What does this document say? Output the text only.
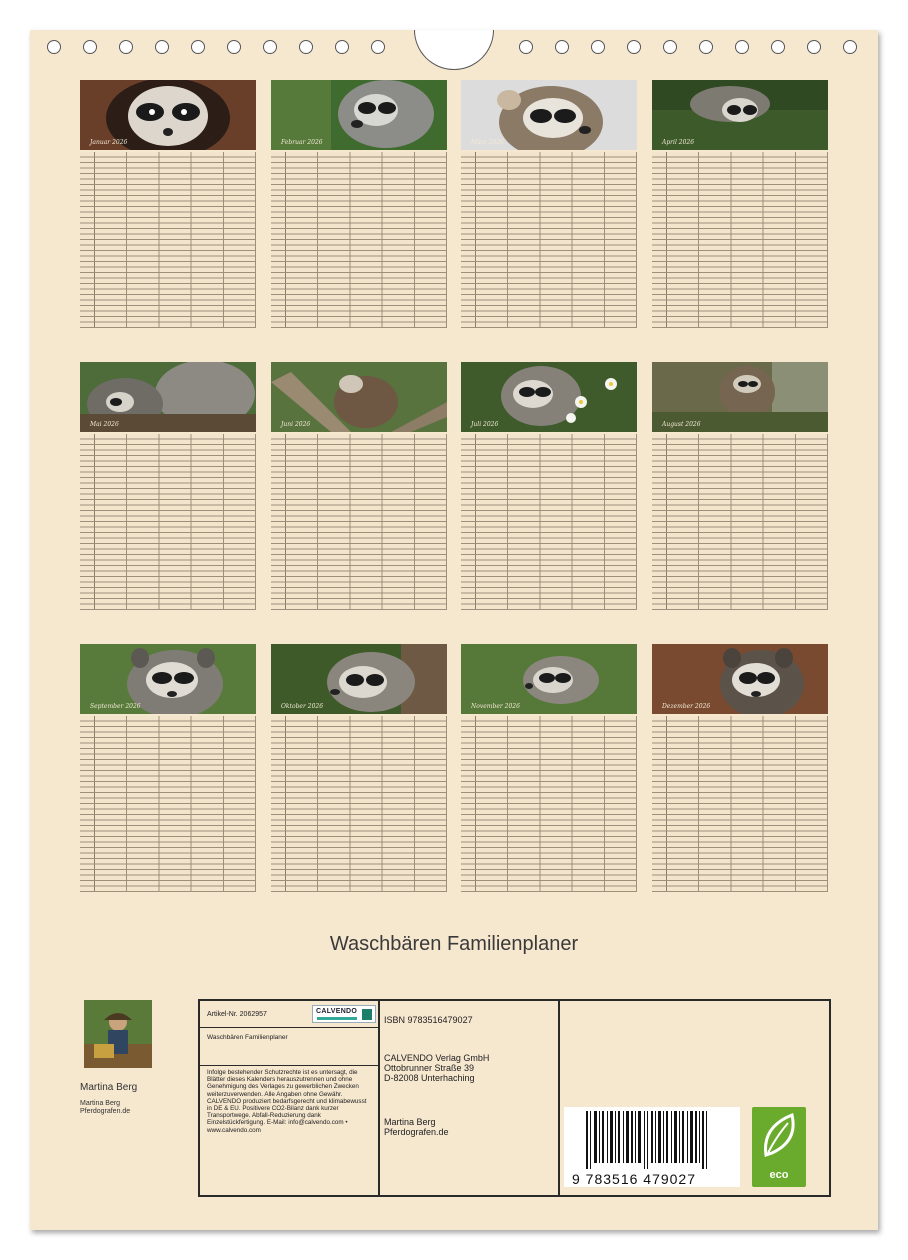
Januar 2026	Februar 2026	März 2026	April 2026
Mai 2026	Juni 2026	Juli 2026	August 2026
September 2026	Oktober 2026	November 2026	Dezember 2026
Waschbären Familienplaner
Martina Berg
Martina Berg
Pferdografen.de
Artikel-Nr. 2062957	CALVENDO
Waschbären Familienplaner
Infolge bestehender Schutzrechte ist es untersagt, die Blätter dieses Kalenders herauszutrennen und ohne Genehmigung des Verlages zu gewerblichen Zwecken weiterzuverwenden. Alle Angaben ohne Gewähr. CALVENDO produziert bedarfsgerecht und klimabewusst in DE & EU. Positivere CO2-Bilanz dank kurzer Transportwege. Abfall-Reduzierung dank Einzelstückfertigung. E-Mail: info@calvendo.com • www.calvendo.com
ISBN 9783516479027
CALVENDO Verlag GmbH
Ottobrunner Straße 39
D-82008 Unterhaching
Martina Berg
Pferdografen.de
9 783516 479027	eco
